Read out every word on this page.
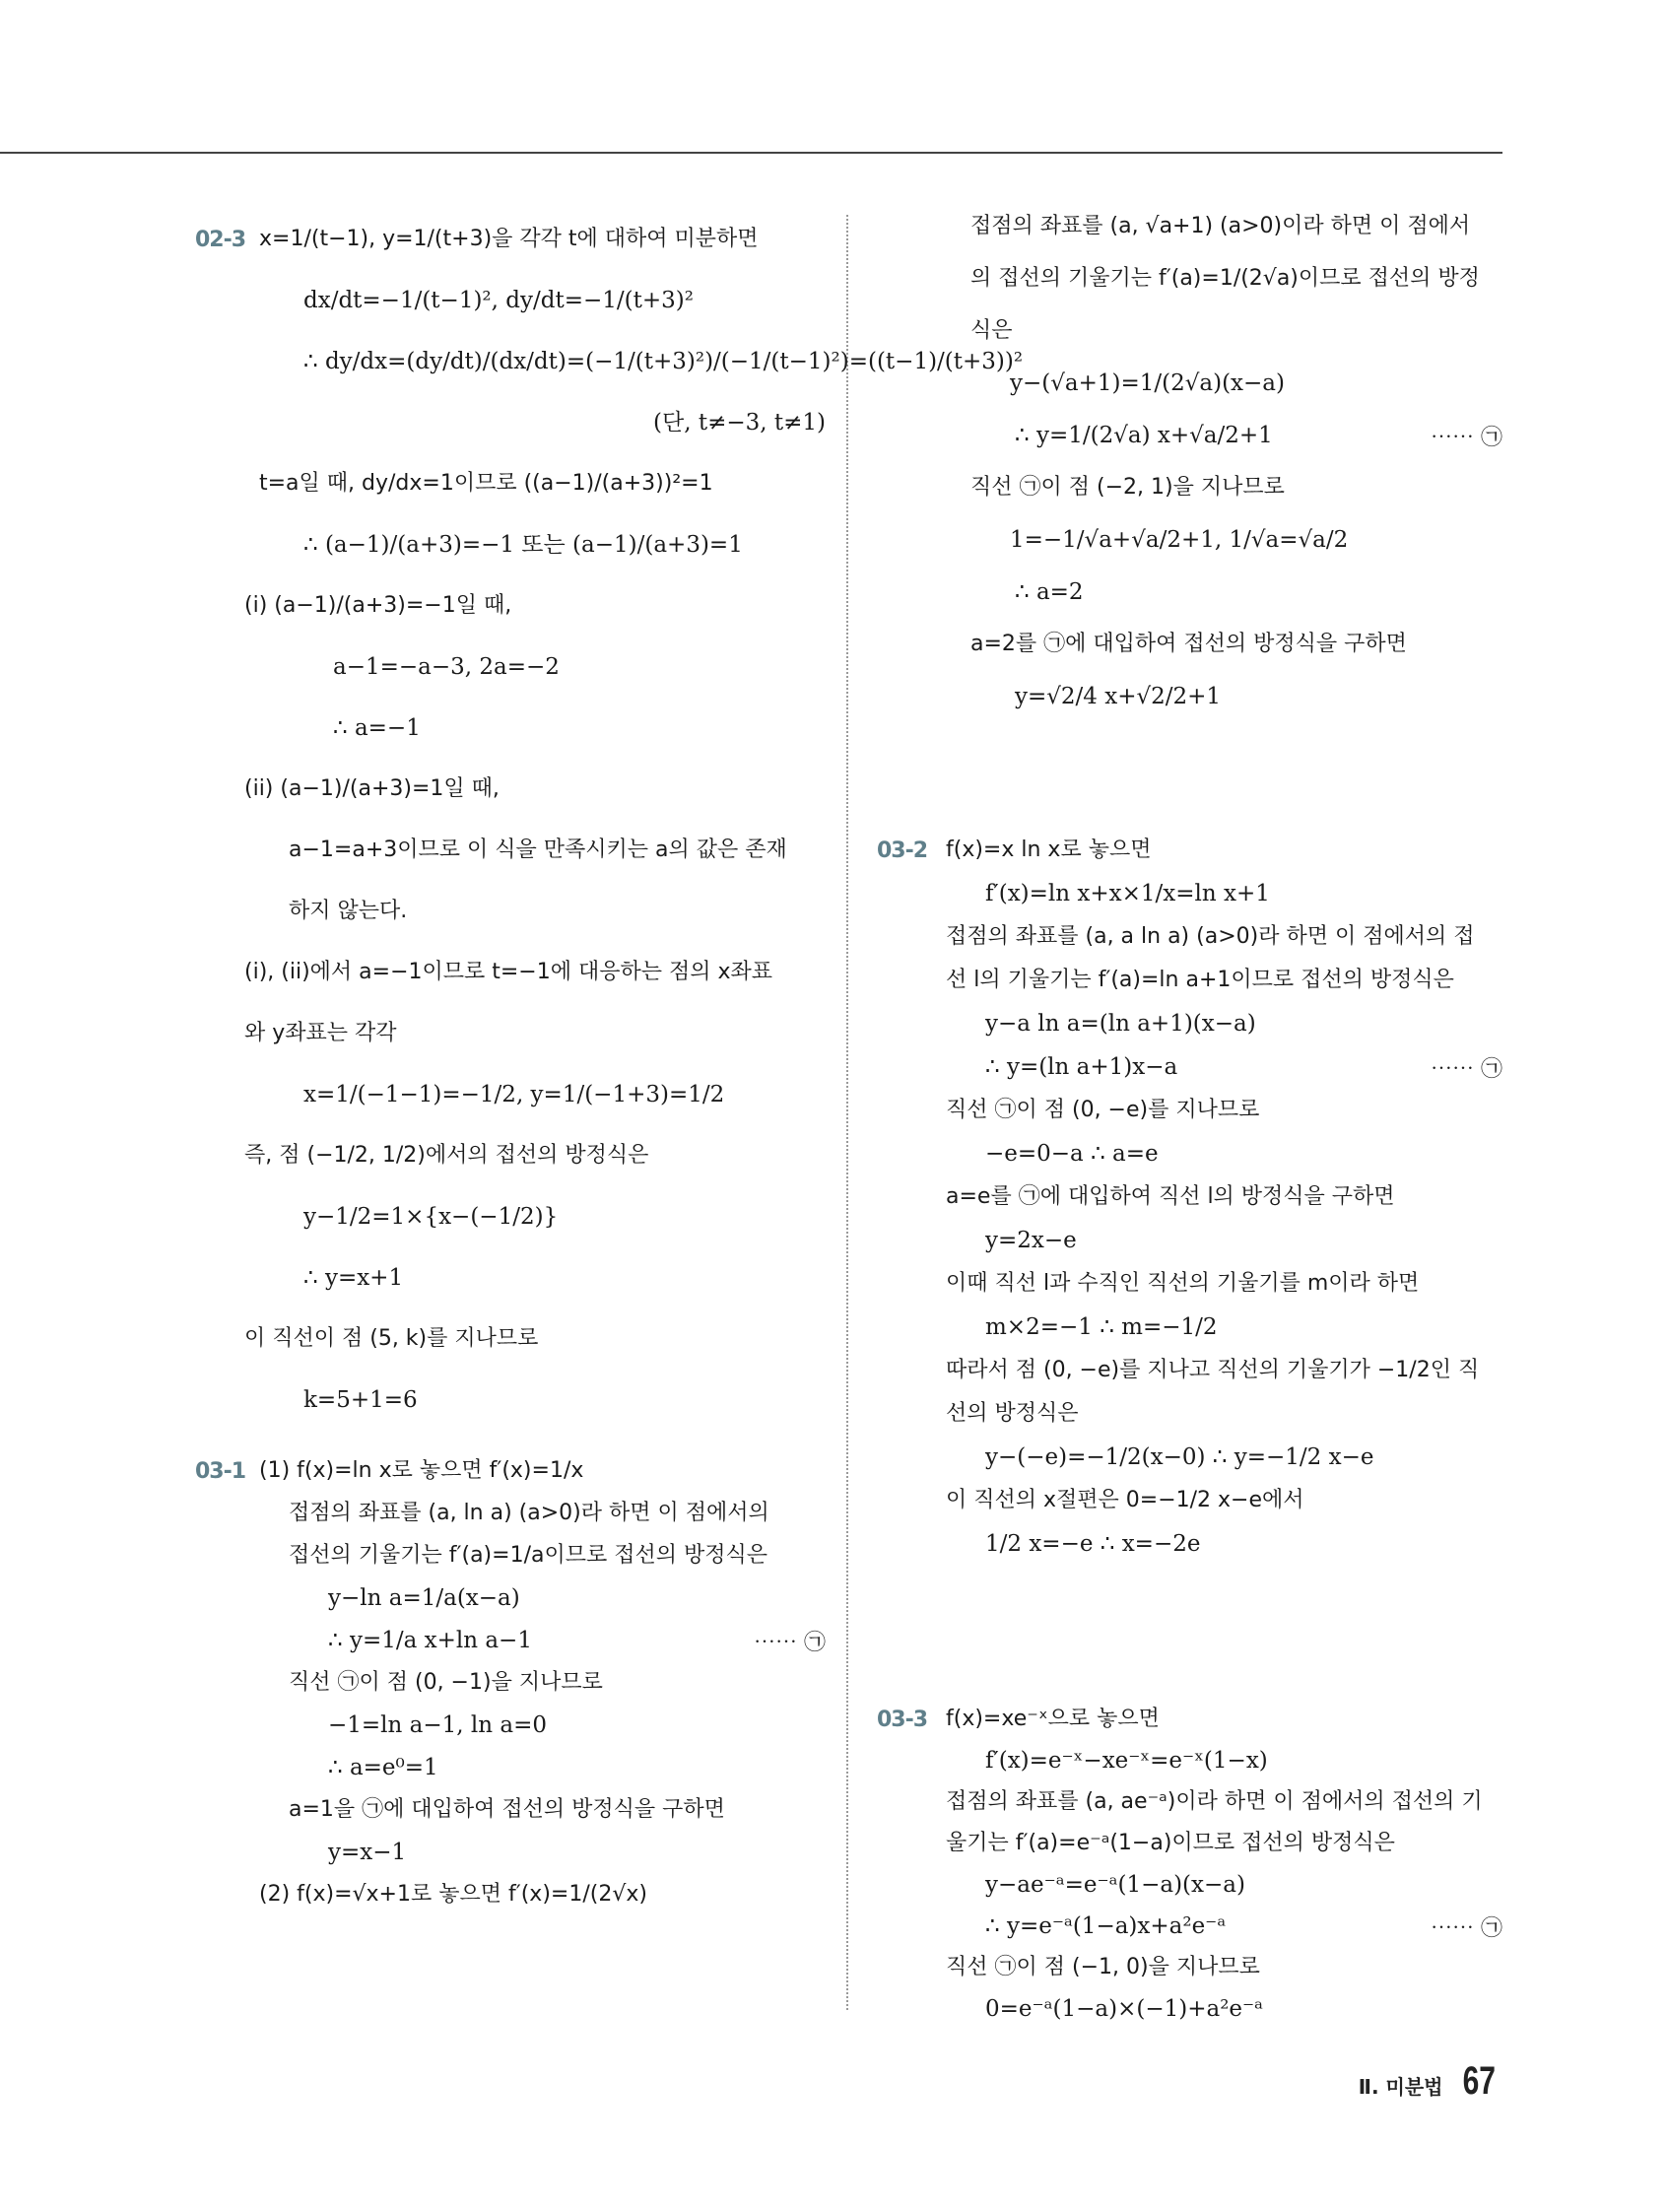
02-3 x=1/(t−1), y=1/(t+3)을 각각 t에 대하여 미분하면
dx/dt=−1/(t−1)², dy/dt=−1/(t+3)²
∴ dy/dx=(dy/dt)/(dx/dt)=(−1/(t+3)²)/(−1/(t−1)²)=((t−1)/(t+3))²
(단, t≠−3, t≠1)
t=a일 때, dy/dx=1이므로 ((a−1)/(a+3))²=1
∴ (a−1)/(a+3)=−1 또는 (a−1)/(a+3)=1
(i) (a−1)/(a+3)=−1일 때,
a−1=−a−3, 2a=−2
∴ a=−1
(ii) (a−1)/(a+3)=1일 때,
a−1=a+3이므로 이 식을 만족시키는 a의 값은 존재
하지 않는다.
(i), (ii)에서 a=−1이므로 t=−1에 대응하는 점의 x좌표
와 y좌표는 각각
x=1/(−1−1)=−1/2, y=1/(−1+3)=1/2
즉, 점 (−1/2, 1/2)에서의 접선의 방정식은
y−1/2=1×{x−(−1/2)}
∴ y=x+1
이 직선이 점 (5, k)를 지나므로
k=5+1=6
03-1 (1) f(x)=ln x로 놓으면 f′(x)=1/x
접점의 좌표를 (a, ln a) (a>0)라 하면 이 점에서의
접선의 기울기는 f′(a)=1/a이므로 접선의 방정식은
y−ln a=1/a(x−a)
∴ y=1/a x+ln a−1	⋯⋯ ㉠
직선 ㉠이 점 (0, −1)을 지나므로
−1=ln a−1, ln a=0
∴ a=e⁰=1
a=1을 ㉠에 대입하여 접선의 방정식을 구하면
y=x−1
(2) f(x)=√x+1로 놓으면 f′(x)=1/(2√x)
접점의 좌표를 (a, √a+1) (a>0)이라 하면 이 점에서
의 접선의 기울기는 f′(a)=1/(2√a)이므로 접선의 방정
식은
y−(√a+1)=1/(2√a)(x−a)
∴ y=1/(2√a) x+√a/2+1	⋯⋯ ㉠
직선 ㉠이 점 (−2, 1)을 지나므로
1=−1/√a+√a/2+1, 1/√a=√a/2
∴ a=2
a=2를 ㉠에 대입하여 접선의 방정식을 구하면
y=√2/4 x+√2/2+1
03-2 f(x)=x ln x로 놓으면
f′(x)=ln x+x×1/x=ln x+1
접점의 좌표를 (a, a ln a) (a>0)라 하면 이 점에서의 접
선 l의 기울기는 f′(a)=ln a+1이므로 접선의 방정식은
y−a ln a=(ln a+1)(x−a)
∴ y=(ln a+1)x−a	⋯⋯ ㉠
직선 ㉠이 점 (0, −e)를 지나므로
−e=0−a ∴ a=e
a=e를 ㉠에 대입하여 직선 l의 방정식을 구하면
y=2x−e
이때 직선 l과 수직인 직선의 기울기를 m이라 하면
m×2=−1 ∴ m=−1/2
따라서 점 (0, −e)를 지나고 직선의 기울기가 −1/2인 직
선의 방정식은
y−(−e)=−1/2(x−0) ∴ y=−1/2 x−e
이 직선의 x절편은 0=−1/2 x−e에서
1/2 x=−e ∴ x=−2e
03-3 f(x)=xe⁻ˣ으로 놓으면
f′(x)=e⁻ˣ−xe⁻ˣ=e⁻ˣ(1−x)
접점의 좌표를 (a, ae⁻ᵃ)이라 하면 이 점에서의 접선의 기
울기는 f′(a)=e⁻ᵃ(1−a)이므로 접선의 방정식은
y−ae⁻ᵃ=e⁻ᵃ(1−a)(x−a)
∴ y=e⁻ᵃ(1−a)x+a²e⁻ᵃ	⋯⋯ ㉠
직선 ㉠이 점 (−1, 0)을 지나므로
0=e⁻ᵃ(1−a)×(−1)+a²e⁻ᵃ
Ⅱ. 미분법 67
